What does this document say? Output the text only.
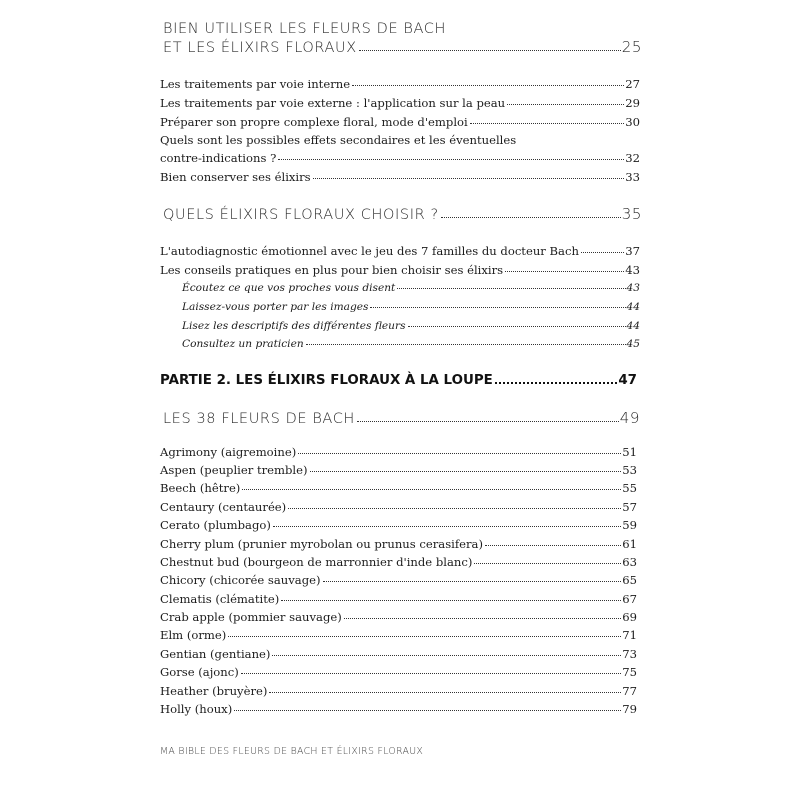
BIEN UTILISER LES FLEURS DE BACH
ET LES ÉLIXIRS FLORAUX	25
Les traitements par voie interne	27
Les traitements par voie externe : l'application sur la peau	29
Préparer son propre complexe floral, mode d'emploi	30
Quels sont les possibles effets secondaires et les éventuelles
contre-indications ?	32
Bien conserver ses élixirs	33
QUELS ÉLIXIRS FLORAUX CHOISIR ?	35
L'autodiagnostic émotionnel avec le jeu des 7 familles du docteur Bach	37
Les conseils pratiques en plus pour bien choisir ses élixirs	43
Écoutez ce que vos proches vous disent	43
Laissez-vous porter par les images	44
Lisez les descriptifs des différentes fleurs	44
Consultez un praticien	45
PARTIE 2. LES ÉLIXIRS FLORAUX À LA LOUPE	47
LES 38 FLEURS DE BACH	49
Agrimony (aigremoine)	51
Aspen (peuplier tremble)	53
Beech (hêtre)	55
Centaury (centaurée)	57
Cerato (plumbago)	59
Cherry plum (prunier myrobolan ou prunus cerasifera)	61
Chestnut bud (bourgeon de marronnier d'inde blanc)	63
Chicory (chicorée sauvage)	65
Clematis (clématite)	67
Crab apple (pommier sauvage)	69
Elm (orme)	71
Gentian (gentiane)	73
Gorse (ajonc)	75
Heather (bruyère)	77
Holly (houx)	79
MA BIBLE DES FLEURS DE BACH ET ÉLIXIRS FLORAUX
